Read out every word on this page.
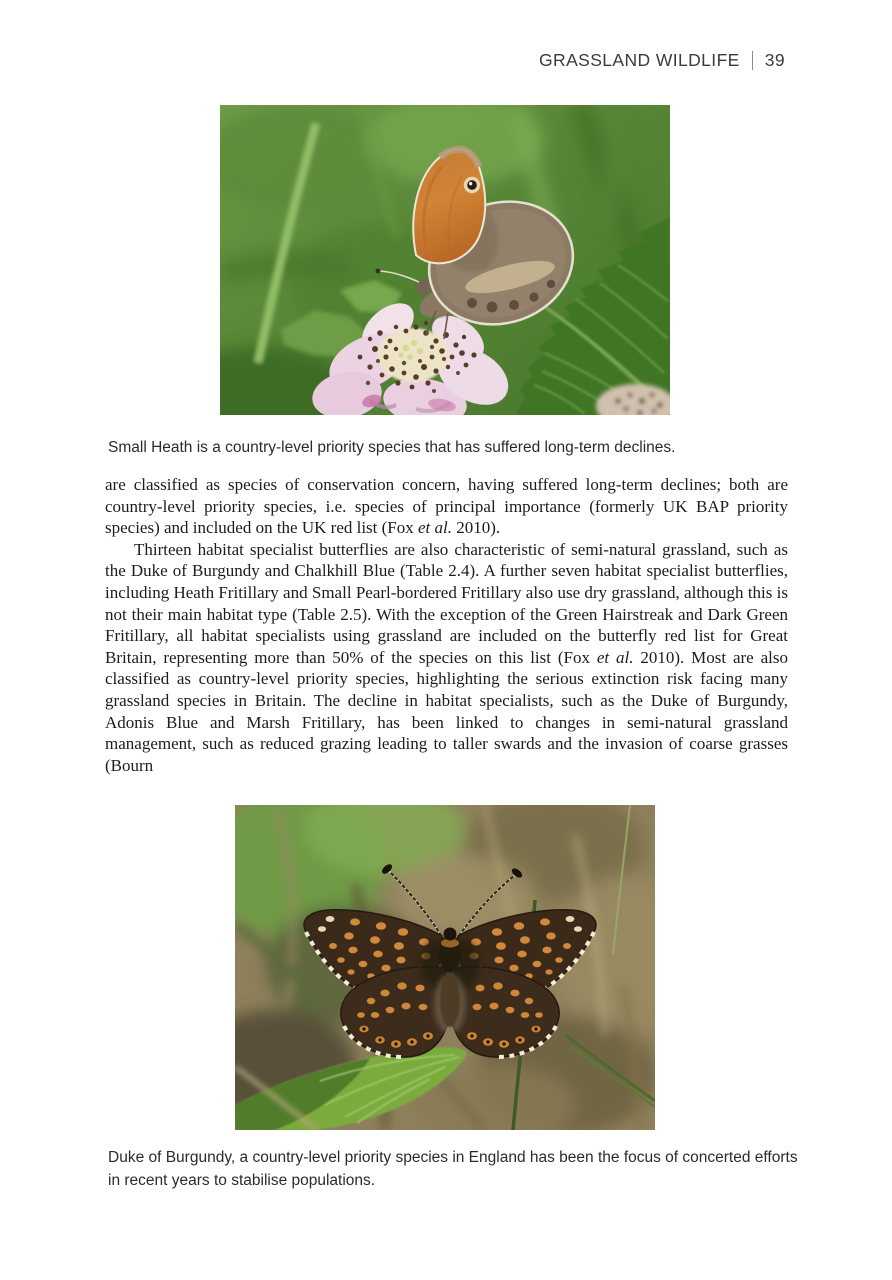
GRASSLAND WILDLIFE 39
Small Heath is a country-level priority species that has suffered long-term declines.

are classified as species of conservation concern, having suffered long-term declines; both are country-level priority species, i.e. species of principal importance (formerly UK BAP priority species) and included on the UK red list (Fox et al. 2010).

Thirteen habitat specialist butterflies are also characteristic of semi-natural grassland, such as the Duke of Burgundy and Chalkhill Blue (Table 2.4). A further seven habitat specialist butterflies, including Heath Fritillary and Small Pearl-bordered Fritillary also use dry grassland, although this is not their main habitat type (Table 2.5). With the exception of the Green Hairstreak and Dark Green Fritillary, all habitat specialists using grassland are included on the butterfly red list for Great Britain, representing more than 50% of the species on this list (Fox et al. 2010). Most are also classified as country-level priority species, highlighting the serious extinction risk facing many grassland species in Britain. The decline in habitat specialists, such as the Duke of Burgundy, Adonis Blue and Marsh Fritillary, has been linked to changes in semi-natural grassland management, such as reduced grazing leading to taller swards and the invasion of coarse grasses (Bourn

Duke of Burgundy, a country-level priority species in England has been the focus of concerted efforts in recent years to stabilise populations.
